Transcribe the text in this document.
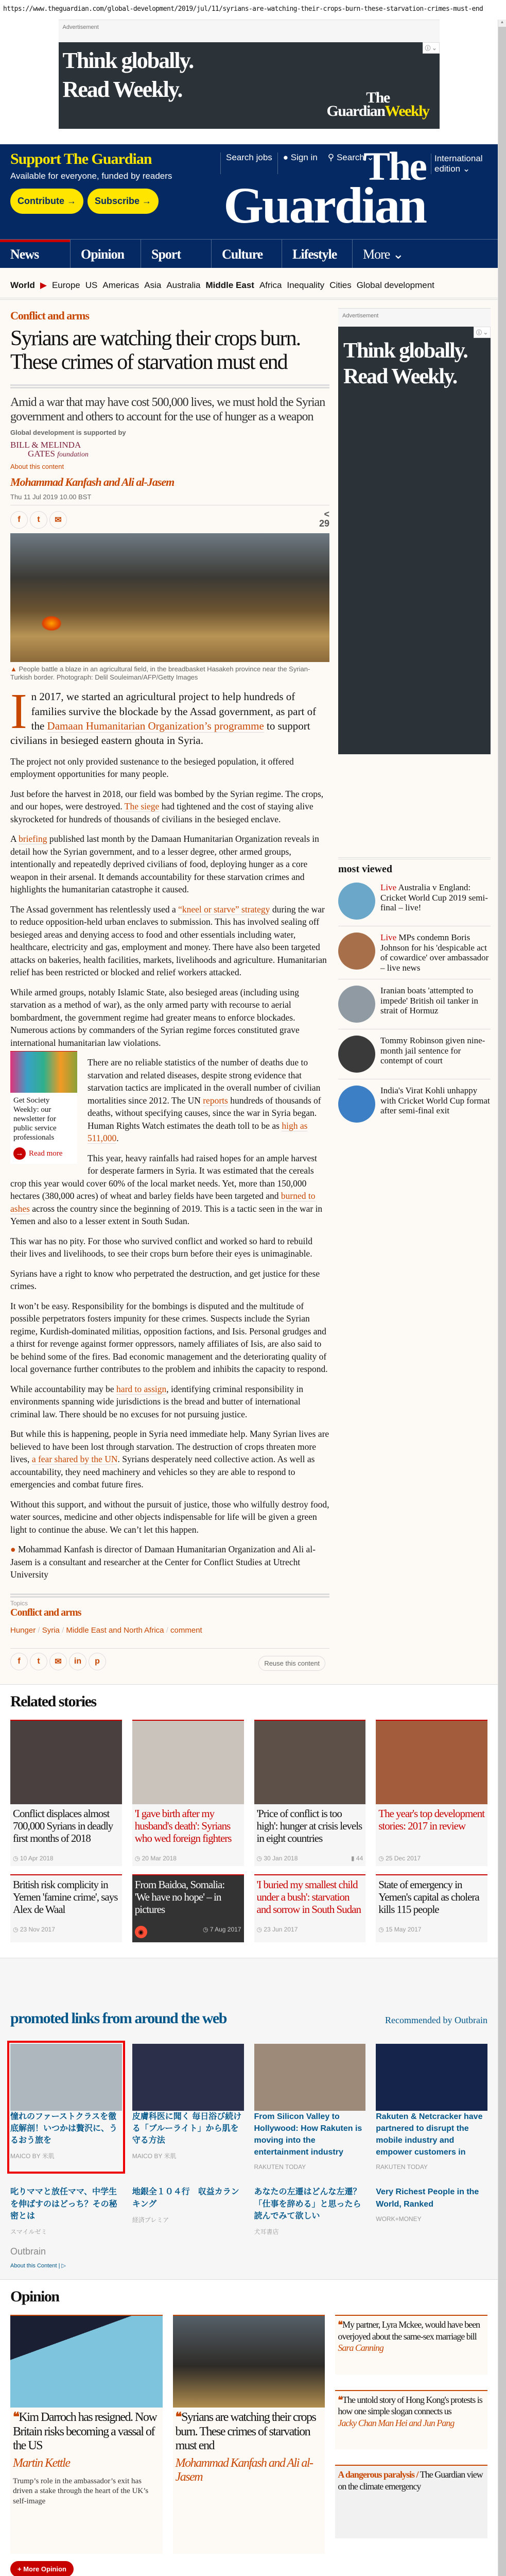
https://www.theguardian.com/global-development/2019/jul/11/syrians-are-watching-their-crops-burn-these-starvation-crimes-must-end
▲
Advertisement
Think globally.
Read Weekly.	The
GuardianWeekly
ⓘ ⌄
Support The Guardian

Available for everyone, funded by readers

Contribute → Subscribe →
Search jobs	● Sign in	⚲ Search ⌄
The
Guardian
International edition ⌄
News	Opinion	Sport	Culture	Lifestyle	More ⌄
World ▶ Europe US Americas Asia Australia Middle East Africa Inequality Cities Global development
Conflict and arms
Syrians are watching their crops burn. These crimes of starvation must end
Amid a war that may have cost 500,000 lives, we must hold the Syrian government and others to account for the use of hunger as a weapon
Global development is supported by
BILL & MELINDA
GATES foundation
About this content
Mohammad Kanfash and Ali al-Jasem
Thu 11 Jul 2019 10.00 BST
f	t	✉
<
29
▲ People battle a blaze in an agricultural field, in the breadbasket Hasakeh province near the Syrian-Turkish border. Photograph: Delil Souleiman/AFP/Getty Images

In 2017, we started an agricultural project to help hundreds of families survive the blockade by the Assad government, as part of the Damaan Humanitarian Organization’s programme to support civilians in besieged eastern ghouta in Syria.

The project not only provided sustenance to the besieged population, it offered employment opportunities for many people.

Just before the harvest in 2018, our field was bombed by the Syrian regime. The crops, and our hopes, were destroyed. The siege had tightened and the cost of staying alive skyrocketed for hundreds of thousands of civilians in the besieged enclave.

A briefing published last month by the Damaan Humanitarian Organization reveals in detail how the Syrian government, and to a lesser degree, other armed groups, intentionally and repeatedly deprived civilians of food, deploying hunger as a core weapon in their arsenal. It demands accountability for these starvation crimes and highlights the humanitarian catastrophe it caused.

The Assad government has relentlessly used a “kneel or starve” strategy during the war to reduce opposition-held urban enclaves to submission. This has involved sealing off besieged areas and denying access to food and other essentials including water, healthcare, electricity and gas, employment and money. There have also been targeted attacks on bakeries, health facilities, markets, livelihoods and agriculture. Humanitarian relief has been restricted or blocked and relief workers attacked.

While armed groups, notably Islamic State, also besieged areas (including using starvation as a method of war), as the only armed party with recourse to aerial bombardment, the government regime had greater means to enforce blockades. Numerous actions by commanders of the Syrian regime forces constituted grave international humanitarian law violations.

Get Society Weekly: our newsletter for public service professionals
→ Read more

There are no reliable statistics of the number of deaths due to starvation and related diseases, despite strong evidence that starvation tactics are implicated in the overall number of civilian mortalities since 2012. The UN reports hundreds of thousands of deaths, without specifying causes, since the war in Syria began. Human Rights Watch estimates the death toll to be as high as 511,000.

This year, heavy rainfalls had raised hopes for an ample harvest for desperate farmers in Syria. It was estimated that the cereals crop this year would cover 60% of the local market needs. Yet, more than 150,000 hectares (380,000 acres) of wheat and barley fields have been targeted and burned to ashes across the country since the beginning of 2019. This is a tactic seen in the war in Yemen and also to a lesser extent in South Sudan.

This war has no pity. For those who survived conflict and worked so hard to rebuild their lives and livelihoods, to see their crops burn before their eyes is unimaginable.

Syrians have a right to know who perpetrated the destruction, and get justice for these crimes.

It won’t be easy. Responsibility for the bombings is disputed and the multitude of possible perpetrators fosters impunity for these crimes. Suspects include the Syrian regime, Kurdish-dominated militias, opposition factions, and Isis. Personal grudges and a thirst for revenge against former oppressors, namely affiliates of Isis, are also said to be behind some of the fires. Bad economic management and the deteriorating quality of local governance further contributes to the problem and inhibits the capacity to respond.

While accountability may be hard to assign, identifying criminal responsibility in environments spanning wide jurisdictions is the bread and butter of international criminal law. There should be no excuses for not pursuing justice.

But while this is happening, people in Syria need immediate help. Many Syrian lives are believed to have been lost through starvation. The destruction of crops threaten more lives, a fear shared by the UN. Syrians desperately need collective action. As well as accountability, they need machinery and vehicles so they are able to respond to emergencies and combat future fires.

Without this support, and without the pursuit of justice, those who wilfully destroy food, water sources, medicine and other objects indispensable for life will be given a green light to continue the abuse. We can’t let this happen.

● Mohammad Kanfash is director of Damaan Humanitarian Organization and Ali al-Jasem is a consultant and researcher at the Center for Conflict Studies at Utrecht University

Topics
Conflict and arms
Hunger / Syria / Middle East and North Africa / comment
f	t	✉	in	p	Reuse this content
Advertisement
Think globally.
Read Weekly.
ⓘ ⌄
most viewed
Live Australia v England: Cricket World Cup 2019 semi-final – live!
Live MPs condemn Boris Johnson for his 'despicable act of cowardice' over ambassador – live news
Iranian boats 'attempted to impede' British oil tanker in strait of Hormuz
Tommy Robinson given nine-month jail sentence for contempt of court
India's Virat Kohli unhappy with Cricket World Cup format after semi-final exit
Related stories
Conflict displaces almost 700,000 Syrians in deadly first months of 2018
◷ 10 Apr 2018
'I gave birth after my husband's death': Syrians who wed foreign fighters
◷ 20 Mar 2018
'Price of conflict is too high': hunger at crisis levels in eight countries
◷ 30 Jan 2018	▮ 44
The year's top development stories: 2017 in review
◷ 25 Dec 2017
British risk complicity in Yemen 'famine crime', says Alex de Waal
◷ 23 Nov 2017
From Baidoa, Somalia: 'We have no hope' – in pictures
◉	◷ 7 Aug 2017
'I buried my smallest child under a bush': starvation and sorrow in South Sudan
◷ 23 Jun 2017
State of emergency in Yemen's capital as cholera kills 115 people
◷ 15 May 2017
promoted links from around the web	Recommended by Outbrain
憧れのファーストクラスを徹底解剖！いつかは贅沢に、うるおう旅を
MAICO BY 米肌
皮膚科医に聞く 毎日浴び続ける「ブルーライト」から肌を守る方法
MAICO BY 米肌
From Silicon Valley to Hollywood: How Rakuten is moving into the entertainment industry
RAKUTEN TODAY
Rakuten & Netcracker have partnered to disrupt the mobile industry and empower customers in
RAKUTEN TODAY
叱りママと放任ママ、中学生を伸ばすのはどっち？その秘密とは
スマイルゼミ
地銀全１０４行　収益カランキング
経済プレミア
あなたの左遷はどんな左遷？「仕事を辞める」と思ったら読んでみて欲しい
犬耳書店
Very Richest People in the World, Ranked
WORK+MONEY
Outbrain
About this Content | ▷
Opinion
❝Kim Darroch has resigned. Now Britain risks becoming a vassal of the US
Martin Kettle
Trump’s role in the ambassador’s exit has driven a stake through the heart of the UK’s self-image
❝Syrians are watching their crops burn. These crimes of starvation must end
Mohammad Kanfash and Ali al-Jasem
❝My partner, Lyra Mckee, would have been overjoyed about the same-sex marriage bill
Sara Canning
❝The untold story of Hong Kong's protests is how one simple slogan connects us
Jacky Chan Man Hei and Jun Pang
A dangerous paralysis / The Guardian view on the climate emergency
+ More Opinion
